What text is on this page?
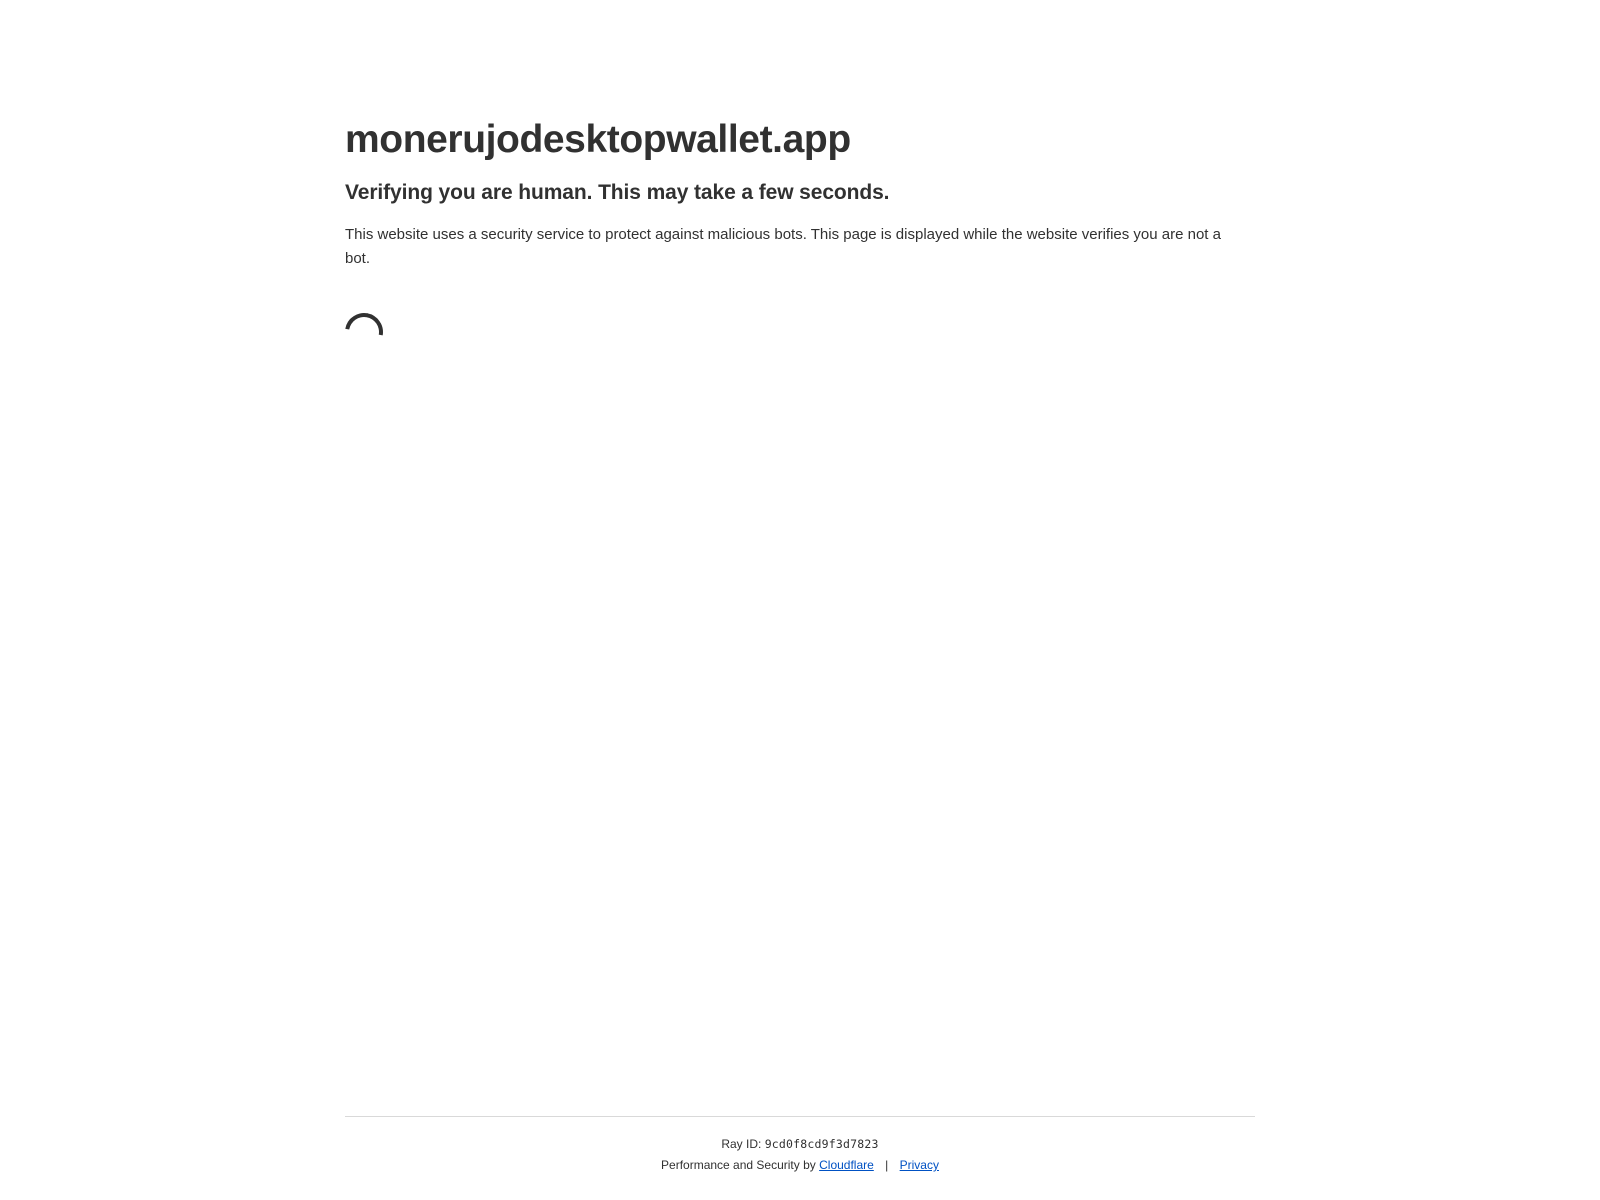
monerujodesktopwallet.app
Verifying you are human. This may take a few seconds.

This website uses a security service to protect against malicious bots. This page is displayed while the website verifies you are not a bot.

Ray ID: 9cd0f8cd9f3d7823
Performance and Security by Cloudflare | Privacy
